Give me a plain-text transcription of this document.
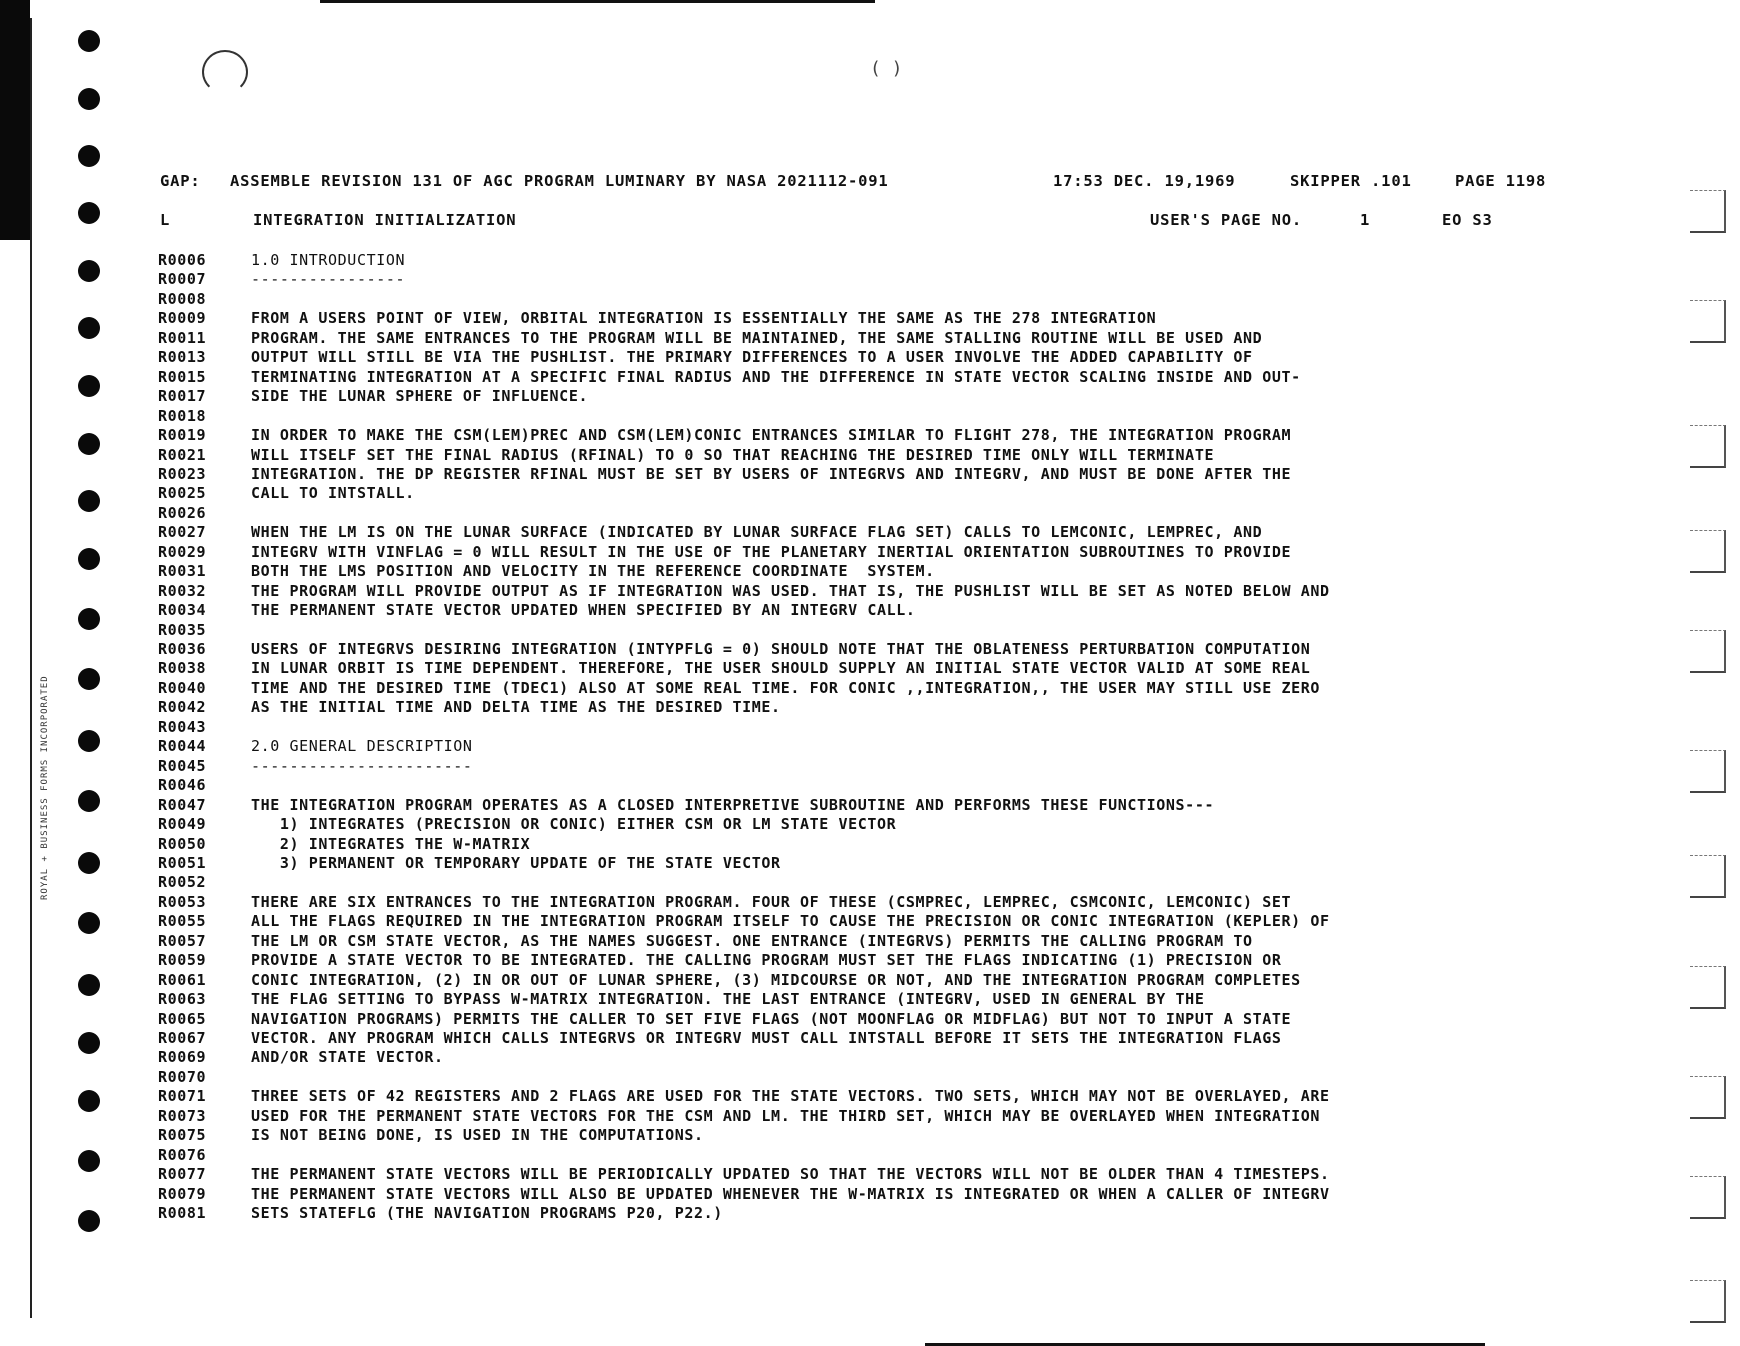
( )
ROYAL + BUSINESS FORMS INCORPORATED
GAP: ASSEMBLE REVISION 131 OF AGC PROGRAM LUMINARY BY NASA 2021112-091	17:53 DEC. 19,1969	SKIPPER .101	PAGE 1198
L	INTEGRATION INITIALIZATION	USER'S PAGE NO.	1	EO S3
R0006	1.0 INTRODUCTION
R0007	----------------
R0008
R0009	FROM A USERS POINT OF VIEW, ORBITAL INTEGRATION IS ESSENTIALLY THE SAME AS THE 278 INTEGRATION
R0011	PROGRAM. THE SAME ENTRANCES TO THE PROGRAM WILL BE MAINTAINED, THE SAME STALLING ROUTINE WILL BE USED AND
R0013	OUTPUT WILL STILL BE VIA THE PUSHLIST. THE PRIMARY DIFFERENCES TO A USER INVOLVE THE ADDED CAPABILITY OF
R0015	TERMINATING INTEGRATION AT A SPECIFIC FINAL RADIUS AND THE DIFFERENCE IN STATE VECTOR SCALING INSIDE AND OUT-
R0017	SIDE THE LUNAR SPHERE OF INFLUENCE.
R0018
R0019	IN ORDER TO MAKE THE CSM(LEM)PREC AND CSM(LEM)CONIC ENTRANCES SIMILAR TO FLIGHT 278, THE INTEGRATION PROGRAM
R0021	WILL ITSELF SET THE FINAL RADIUS (RFINAL) TO 0 SO THAT REACHING THE DESIRED TIME ONLY WILL TERMINATE
R0023	INTEGRATION. THE DP REGISTER RFINAL MUST BE SET BY USERS OF INTEGRVS AND INTEGRV, AND MUST BE DONE AFTER THE
R0025	CALL TO INTSTALL.
R0026
R0027	WHEN THE LM IS ON THE LUNAR SURFACE (INDICATED BY LUNAR SURFACE FLAG SET) CALLS TO LEMCONIC, LEMPREC, AND
R0029	INTEGRV WITH VINFLAG = 0 WILL RESULT IN THE USE OF THE PLANETARY INERTIAL ORIENTATION SUBROUTINES TO PROVIDE
R0031	BOTH THE LMS POSITION AND VELOCITY IN THE REFERENCE COORDINATE  SYSTEM.
R0032	THE PROGRAM WILL PROVIDE OUTPUT AS IF INTEGRATION WAS USED. THAT IS, THE PUSHLIST WILL BE SET AS NOTED BELOW AND
R0034	THE PERMANENT STATE VECTOR UPDATED WHEN SPECIFIED BY AN INTEGRV CALL.
R0035
R0036	USERS OF INTEGRVS DESIRING INTEGRATION (INTYPFLG = 0) SHOULD NOTE THAT THE OBLATENESS PERTURBATION COMPUTATION
R0038	IN LUNAR ORBIT IS TIME DEPENDENT. THEREFORE, THE USER SHOULD SUPPLY AN INITIAL STATE VECTOR VALID AT SOME REAL
R0040	TIME AND THE DESIRED TIME (TDEC1) ALSO AT SOME REAL TIME. FOR CONIC ,,INTEGRATION,, THE USER MAY STILL USE ZERO
R0042	AS THE INITIAL TIME AND DELTA TIME AS THE DESIRED TIME.
R0043
R0044	2.0 GENERAL DESCRIPTION
R0045	-----------------------
R0046
R0047	THE INTEGRATION PROGRAM OPERATES AS A CLOSED INTERPRETIVE SUBROUTINE AND PERFORMS THESE FUNCTIONS---
R0049	1) INTEGRATES (PRECISION OR CONIC) EITHER CSM OR LM STATE VECTOR
R0050	2) INTEGRATES THE W-MATRIX
R0051	3) PERMANENT OR TEMPORARY UPDATE OF THE STATE VECTOR
R0052
R0053	THERE ARE SIX ENTRANCES TO THE INTEGRATION PROGRAM. FOUR OF THESE (CSMPREC, LEMPREC, CSMCONIC, LEMCONIC) SET
R0055	ALL THE FLAGS REQUIRED IN THE INTEGRATION PROGRAM ITSELF TO CAUSE THE PRECISION OR CONIC INTEGRATION (KEPLER) OF
R0057	THE LM OR CSM STATE VECTOR, AS THE NAMES SUGGEST. ONE ENTRANCE (INTEGRVS) PERMITS THE CALLING PROGRAM TO
R0059	PROVIDE A STATE VECTOR TO BE INTEGRATED. THE CALLING PROGRAM MUST SET THE FLAGS INDICATING (1) PRECISION OR
R0061	CONIC INTEGRATION, (2) IN OR OUT OF LUNAR SPHERE, (3) MIDCOURSE OR NOT, AND THE INTEGRATION PROGRAM COMPLETES
R0063	THE FLAG SETTING TO BYPASS W-MATRIX INTEGRATION. THE LAST ENTRANCE (INTEGRV, USED IN GENERAL BY THE
R0065	NAVIGATION PROGRAMS) PERMITS THE CALLER TO SET FIVE FLAGS (NOT MOONFLAG OR MIDFLAG) BUT NOT TO INPUT A STATE
R0067	VECTOR. ANY PROGRAM WHICH CALLS INTEGRVS OR INTEGRV MUST CALL INTSTALL BEFORE IT SETS THE INTEGRATION FLAGS
R0069	AND/OR STATE VECTOR.
R0070
R0071	THREE SETS OF 42 REGISTERS AND 2 FLAGS ARE USED FOR THE STATE VECTORS. TWO SETS, WHICH MAY NOT BE OVERLAYED, ARE
R0073	USED FOR THE PERMANENT STATE VECTORS FOR THE CSM AND LM. THE THIRD SET, WHICH MAY BE OVERLAYED WHEN INTEGRATION
R0075	IS NOT BEING DONE, IS USED IN THE COMPUTATIONS.
R0076
R0077	THE PERMANENT STATE VECTORS WILL BE PERIODICALLY UPDATED SO THAT THE VECTORS WILL NOT BE OLDER THAN 4 TIMESTEPS.
R0079	THE PERMANENT STATE VECTORS WILL ALSO BE UPDATED WHENEVER THE W-MATRIX IS INTEGRATED OR WHEN A CALLER OF INTEGRV
R0081	SETS STATEFLG (THE NAVIGATION PROGRAMS P20, P22.)
